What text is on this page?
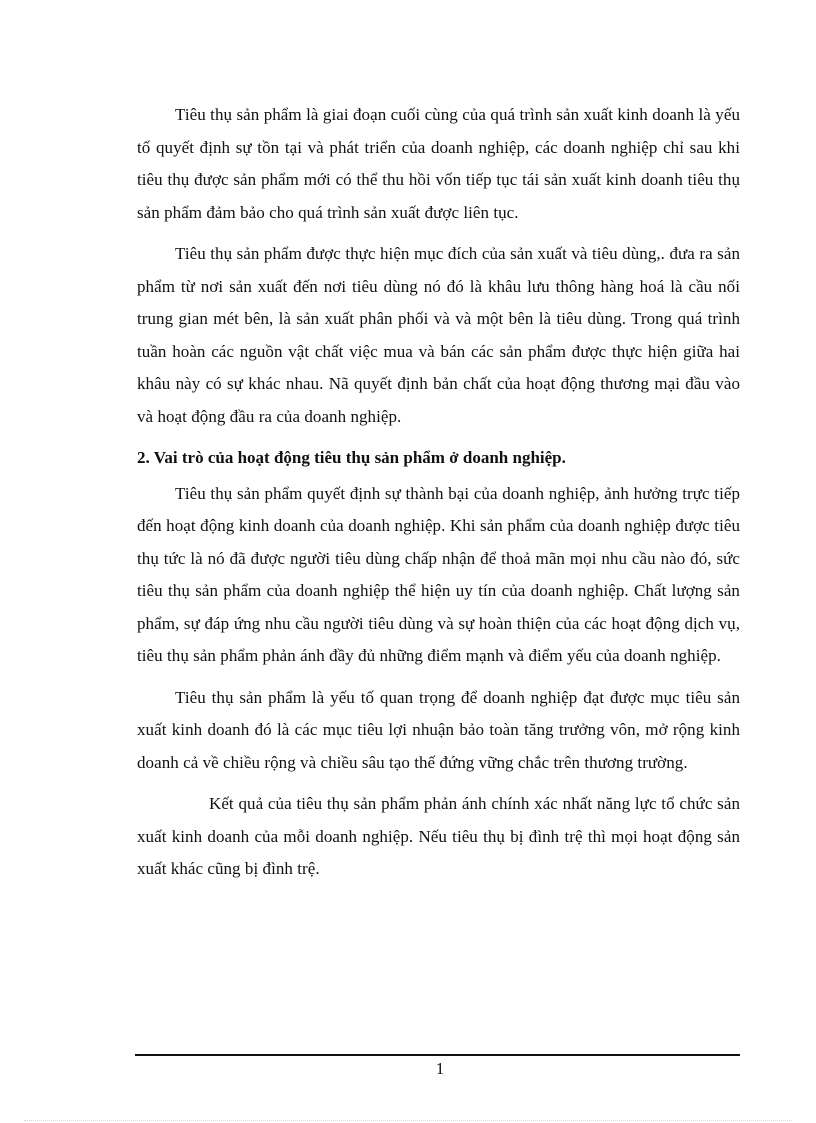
Tiêu thụ sản phẩm là giai đoạn cuối cùng của quá trình sản xuất kinh doanh là yếu tố quyết định sự tồn tại và phát triển của doanh nghiệp, các doanh nghiệp chỉ sau khi tiêu thụ được sản phẩm mới có thể thu hồi vốn tiếp tục tái sản xuất kinh doanh tiêu thụ sản phẩm đảm bảo cho quá trình sản xuất được liên tục.

Tiêu thụ sản phẩm được thực hiện mục đích của sản xuất và tiêu dùng,. đưa ra sản phẩm từ nơi sản xuất đến nơi tiêu dùng nó đó là khâu lưu thông hàng hoá là cầu nối trung gian mét bên, là sản xuất phân phối và và một bên là tiêu dùng. Trong quá trình tuần hoàn các nguồn vật chất việc mua và bán các sản phẩm được thực hiện giữa hai khâu này có sự khác nhau. Nã quyết định bản chất của hoạt động thương mại đầu vào và hoạt động đầu ra của doanh nghiệp.

2. Vai trò của hoạt động tiêu thụ sản phẩm ở doanh nghiệp.

Tiêu thụ sản phẩm quyết định sự thành bại của doanh nghiệp, ảnh hưởng trực tiếp đến hoạt động kinh doanh của doanh nghiệp. Khi sản phẩm của doanh nghiệp được tiêu thụ tức là nó đã được người tiêu dùng chấp nhận để thoả mãn mọi nhu cầu nào đó, sức tiêu thụ sản phẩm của doanh nghiệp thể hiện uy tín của doanh nghiệp. Chất lượng sản phẩm, sự đáp ứng nhu cầu người tiêu dùng và sự hoàn thiện của các hoạt động dịch vụ, tiêu thụ sản phẩm phản ánh đầy đủ những điểm mạnh và điểm yếu của doanh nghiệp.

Tiêu thụ sản phẩm là yếu tố quan trọng để doanh nghiệp đạt được mục tiêu sản xuất kinh doanh đó là các mục tiêu lợi nhuận bảo toàn tăng trưởng vôn, mở rộng kinh doanh cả về chiều rộng và chiều sâu tạo thế đứng vững chắc trên thương trường.

Kết quả của tiêu thụ sản phẩm phản ánh chính xác nhất năng lực tổ chức sản xuất kinh doanh của mỗi doanh nghiệp. Nếu tiêu thụ bị đình trệ thì mọi hoạt động sản xuất khác cũng bị đình trệ.

1
